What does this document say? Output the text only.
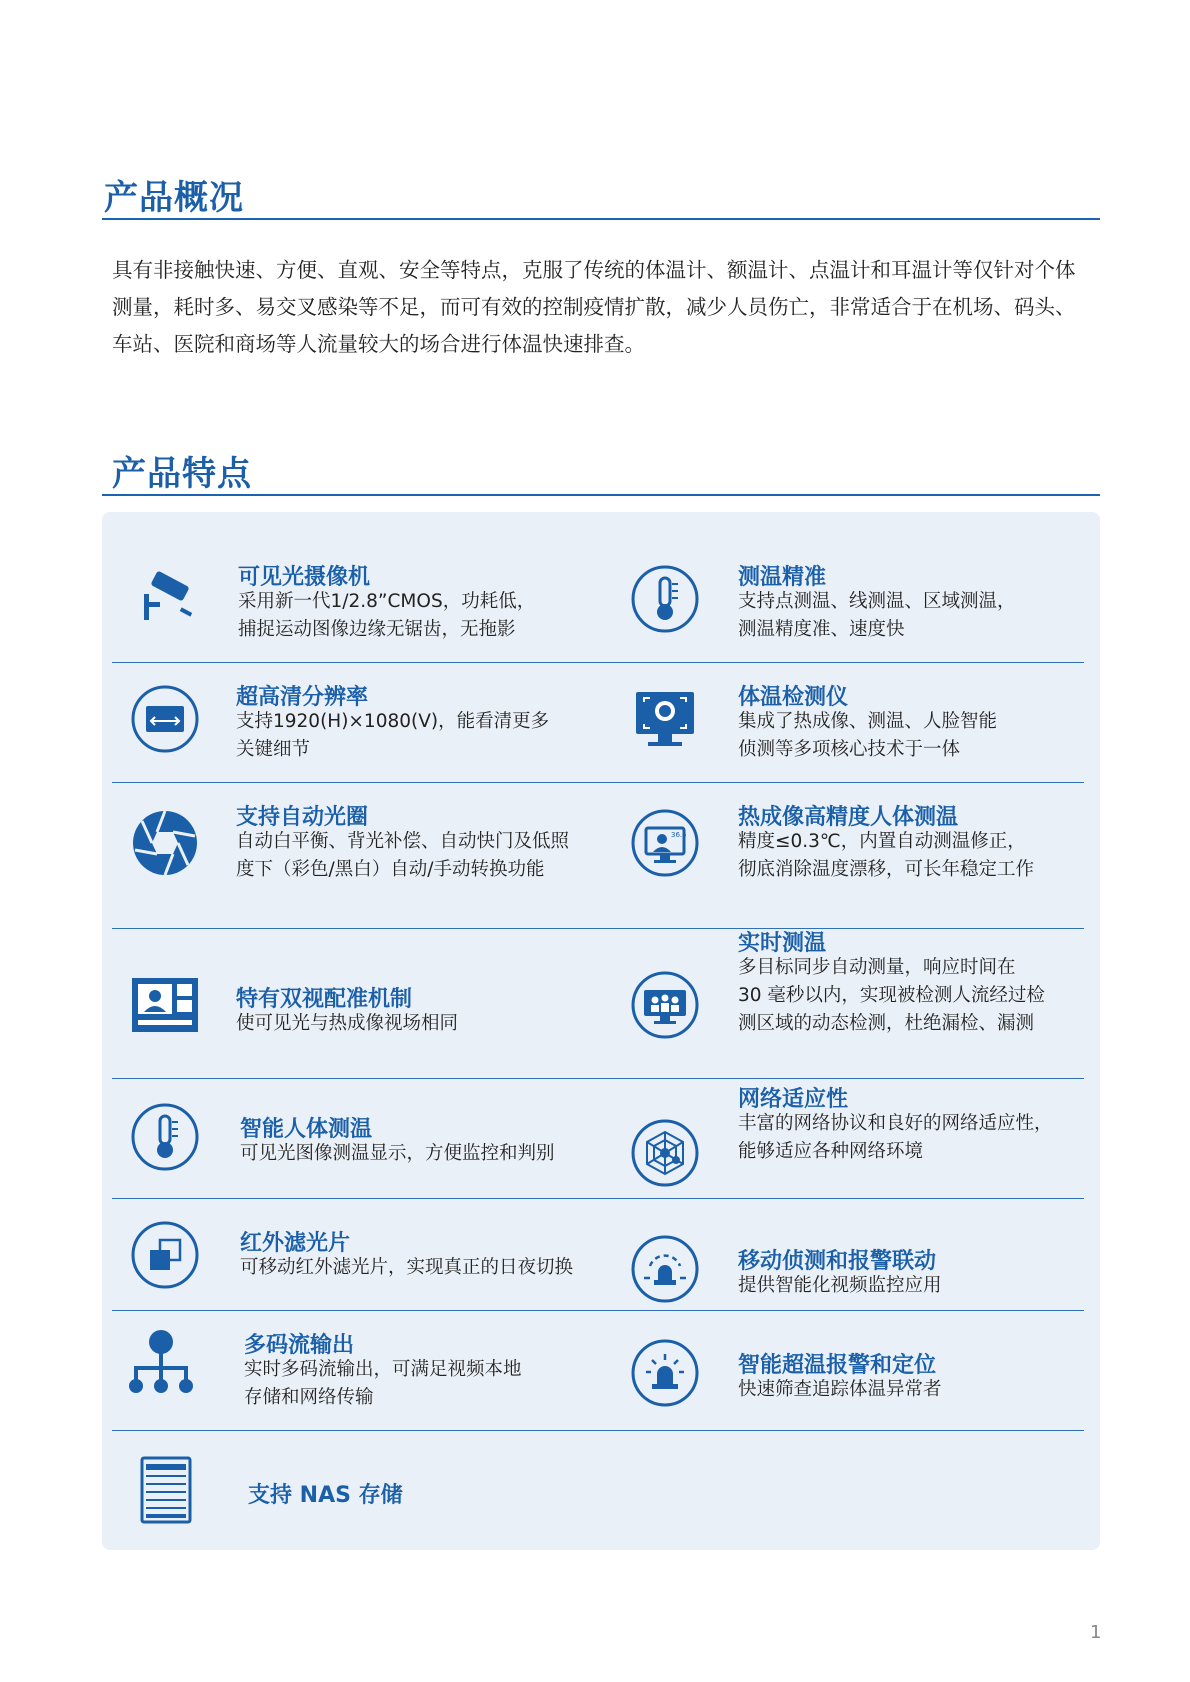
产品概况

具有非接触快速、方便、直观、安全等特点，克服了传统的体温计、额温计、点温计和耳温计等仅针对个体测量，耗时多、易交叉感染等不足，而可有效的控制疫情扩散，减少人员伤亡，非常适合于在机场、码头、车站、医院和商场等人流量较大的场合进行体温快速排查。

产品特点
可见光摄像机
采用新一代1/2.8”CMOS，功耗低，
捕捉运动图像边缘无锯齿，无拖影
测温精准
支持点测温、线测温、区域测温，
测温精度准、速度快
超高清分辨率
支持1920(H)×1080(V)，能看清更多
关键细节
体温检测仪
集成了热成像、测温、人脸智能
侦测等多项核心技术于一体
支持自动光圈
自动白平衡、背光补偿、自动快门及低照
度下（彩色/黑白）自动/手动转换功能
36.5
热成像高精度人体测温
精度≤0.3℃，内置自动测温修正，
彻底消除温度漂移，可长年稳定工作
特有双视配准机制
使可见光与热成像视场相同
实时测温
多目标同步自动测量，响应时间在
30 毫秒以内，实现被检测人流经过检
测区域的动态检测，杜绝漏检、漏测
智能人体测温
可见光图像测温显示，方便监控和判别
网络适应性
丰富的网络协议和良好的网络适应性，
能够适应各种网络环境
红外滤光片
可移动红外滤光片，实现真正的日夜切换	移动侦测和报警联动
提供智能化视频监控应用
多码流输出
实时多码流输出，可满足视频本地
存储和网络传输
智能超温报警和定位
快速筛查追踪体温异常者
支持 NAS 存储
1
